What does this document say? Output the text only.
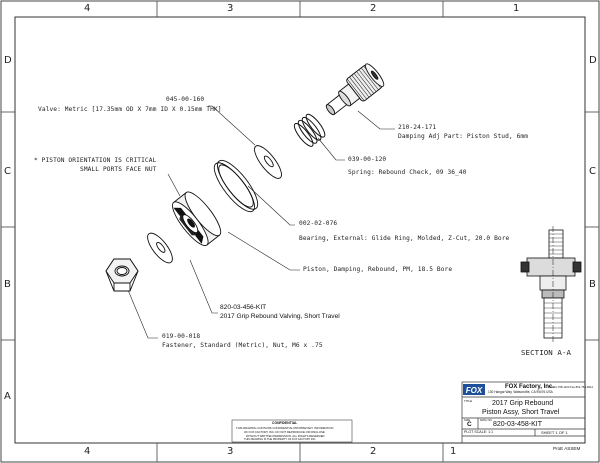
FOX
4	3	2	1
4	3	2	1
D
C
B
A
D
C
B
045-00-160
Valve: Metric [17.35mm OD X 7mm ID X 0.15mm THK]
* PISTON ORIENTATION IS CRITICAL
SMALL PORTS FACE NUT
210-24-171
Damping Adj Part: Piston Stud, 6mm
039-00-120
Spring: Rebound Check, 09 36_40
002-02-076
Bearing, External: Glide Ring, Molded, Z-Cut, 20.0 Bore
Piston, Damping, Rebound, PM, 18.5 Bore
820-03-456-KIT
2017 Grip Rebound Valving, Short Travel
019-00-018
Fastener, Standard (Metric), Nut, M6 x .75
SECTION A-A
CONFIDENTIAL
THIS DRAWING CONTAINS CONFIDENTIAL PROPRIETARY INFORMATION
OF FOX FACTORY INC. DO NOT REPRODUCE OR DISCLOSE
WITHOUT WRITTEN PERMISSION. ALL RIGHTS RESERVED
THIS DRAWING IS THE PROPERTY OF FOX FACTORY INC.
FOX Factory, Inc.
130 Hangar Way, Watsonville, CA 95076 USA
Ph 831-768-1100 Fax 831-768-9312
TITLE	2017 Grip Rebound
Piston Assy, Short Travel
SIZE
C
DWG NO
820-03-458-KIT
PLOT SCALE: 1:1	SHEET 1 OF 1
ProE ASSEM
